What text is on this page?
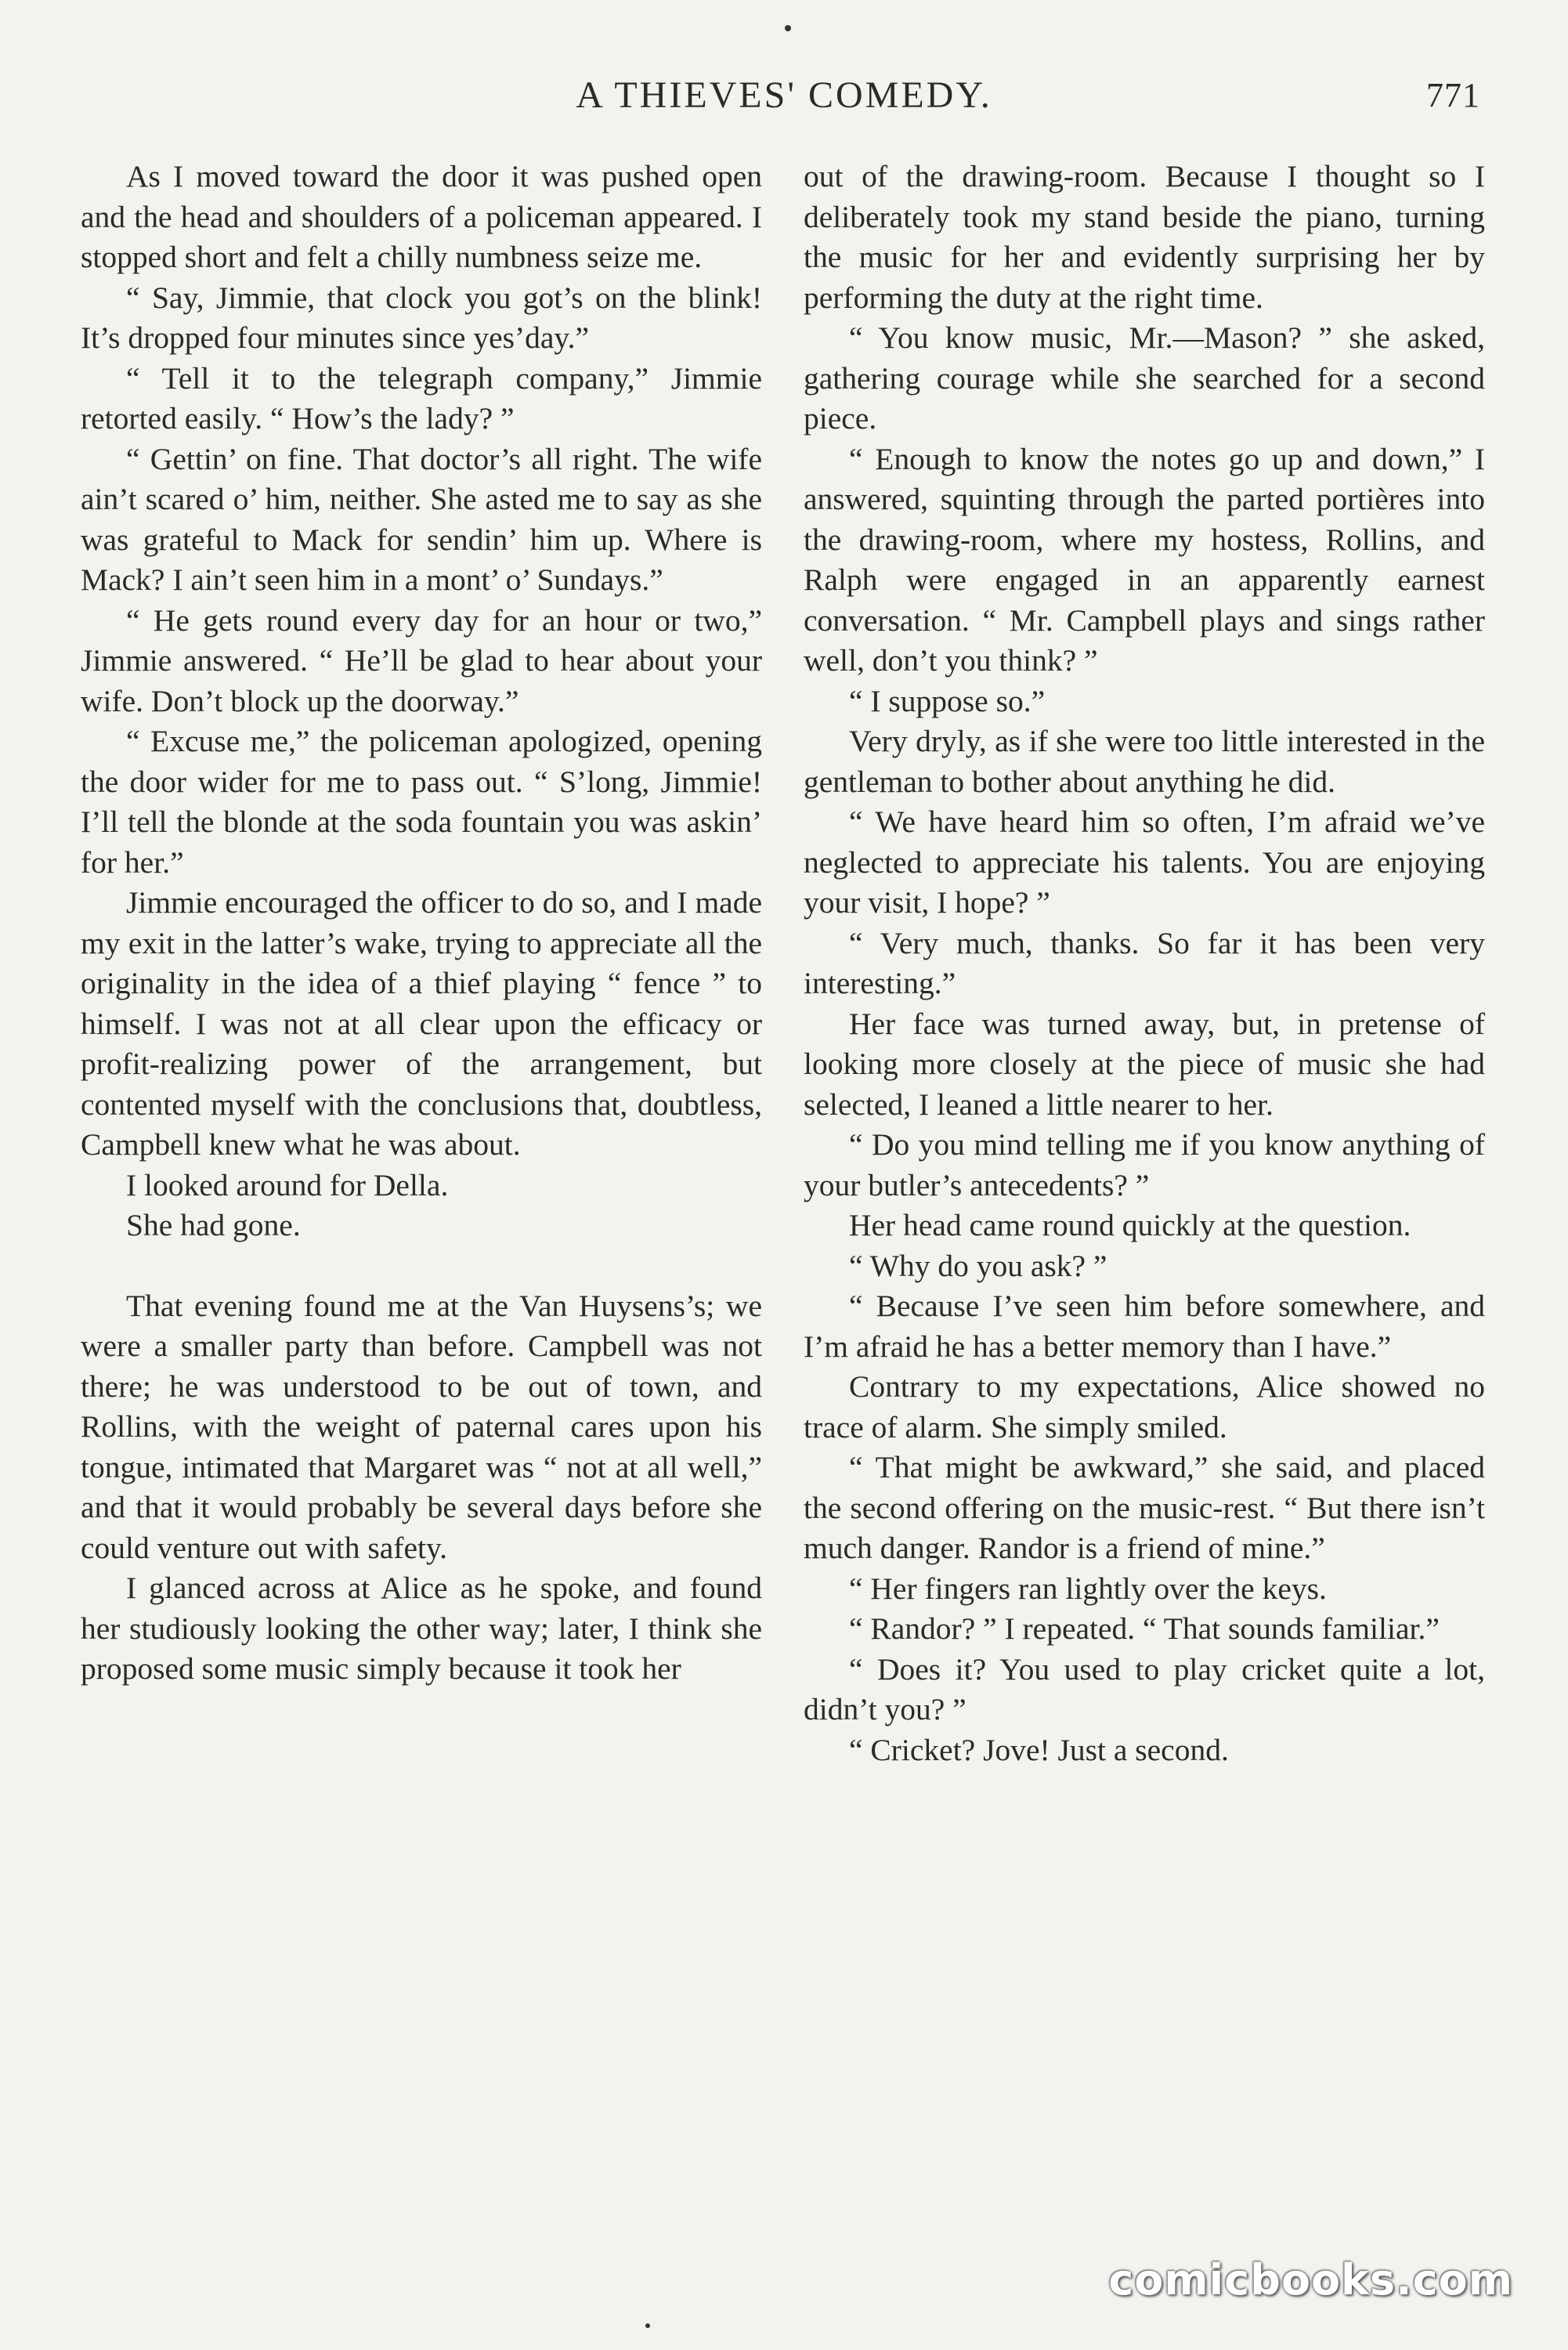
A THIEVES' COMEDY.	771

As I moved toward the door it was pushed open and the head and shoulders of a policeman appeared. I stopped short and felt a chilly numbness seize me.

“ Say, Jimmie, that clock you got’s on the blink! It’s dropped four minutes since yes’day.”

“ Tell it to the telegraph company,” Jimmie retorted easily. “ How’s the lady? ”

“ Gettin’ on fine. That doctor’s all right. The wife ain’t scared o’ him, neither. She asted me to say as she was grateful to Mack for sendin’ him up. Where is Mack? I ain’t seen him in a mont’ o’ Sundays.”

“ He gets round every day for an hour or two,” Jimmie answered. “ He’ll be glad to hear about your wife. Don’t block up the doorway.”

“ Excuse me,” the policeman apologized, opening the door wider for me to pass out. “ S’long, Jimmie! I’ll tell the blonde at the soda fountain you was askin’ for her.”

Jimmie encouraged the officer to do so, and I made my exit in the latter’s wake, trying to appreciate all the originality in the idea of a thief playing “ fence ” to himself. I was not at all clear upon the efficacy or profit-realizing power of the arrangement, but contented myself with the conclusions that, doubtless, Campbell knew what he was about.

I looked around for Della.

She had gone.

That evening found me at the Van Huysens’s; we were a smaller party than before. Campbell was not there; he was understood to be out of town, and Rollins, with the weight of paternal cares upon his tongue, intimated that Margaret was “ not at all well,” and that it would probably be several days before she could venture out with safety.

I glanced across at Alice as he spoke, and found her studiously looking the other way; later, I think she proposed some music simply because it took her

out of the drawing-room. Because I thought so I deliberately took my stand beside the piano, turning the music for her and evidently surprising her by performing the duty at the right time.

“ You know music, Mr.—Mason? ” she asked, gathering courage while she searched for a second piece.

“ Enough to know the notes go up and down,” I answered, squinting through the parted portières into the drawing-room, where my hostess, Rollins, and Ralph were engaged in an apparently earnest conversation. “ Mr. Campbell plays and sings rather well, don’t you think? ”

“ I suppose so.”

Very dryly, as if she were too little interested in the gentleman to bother about anything he did.

“ We have heard him so often, I’m afraid we’ve neglected to appreciate his talents. You are enjoying your visit, I hope? ”

“ Very much, thanks. So far it has been very interesting.”

Her face was turned away, but, in pretense of looking more closely at the piece of music she had selected, I leaned a little nearer to her.

“ Do you mind telling me if you know anything of your butler’s antecedents? ”

Her head came round quickly at the question.

“ Why do you ask? ”

“ Because I’ve seen him before somewhere, and I’m afraid he has a better memory than I have.”

Contrary to my expectations, Alice showed no trace of alarm. She simply smiled.

“ That might be awkward,” she said, and placed the second offering on the music-rest. “ But there isn’t much danger. Randor is a friend of mine.”

“ Her fingers ran lightly over the keys.

“ Randor? ” I repeated. “ That sounds familiar.”

“ Does it? You used to play cricket quite a lot, didn’t you? ”

“ Cricket? Jove! Just a second.

comicbooks.com
